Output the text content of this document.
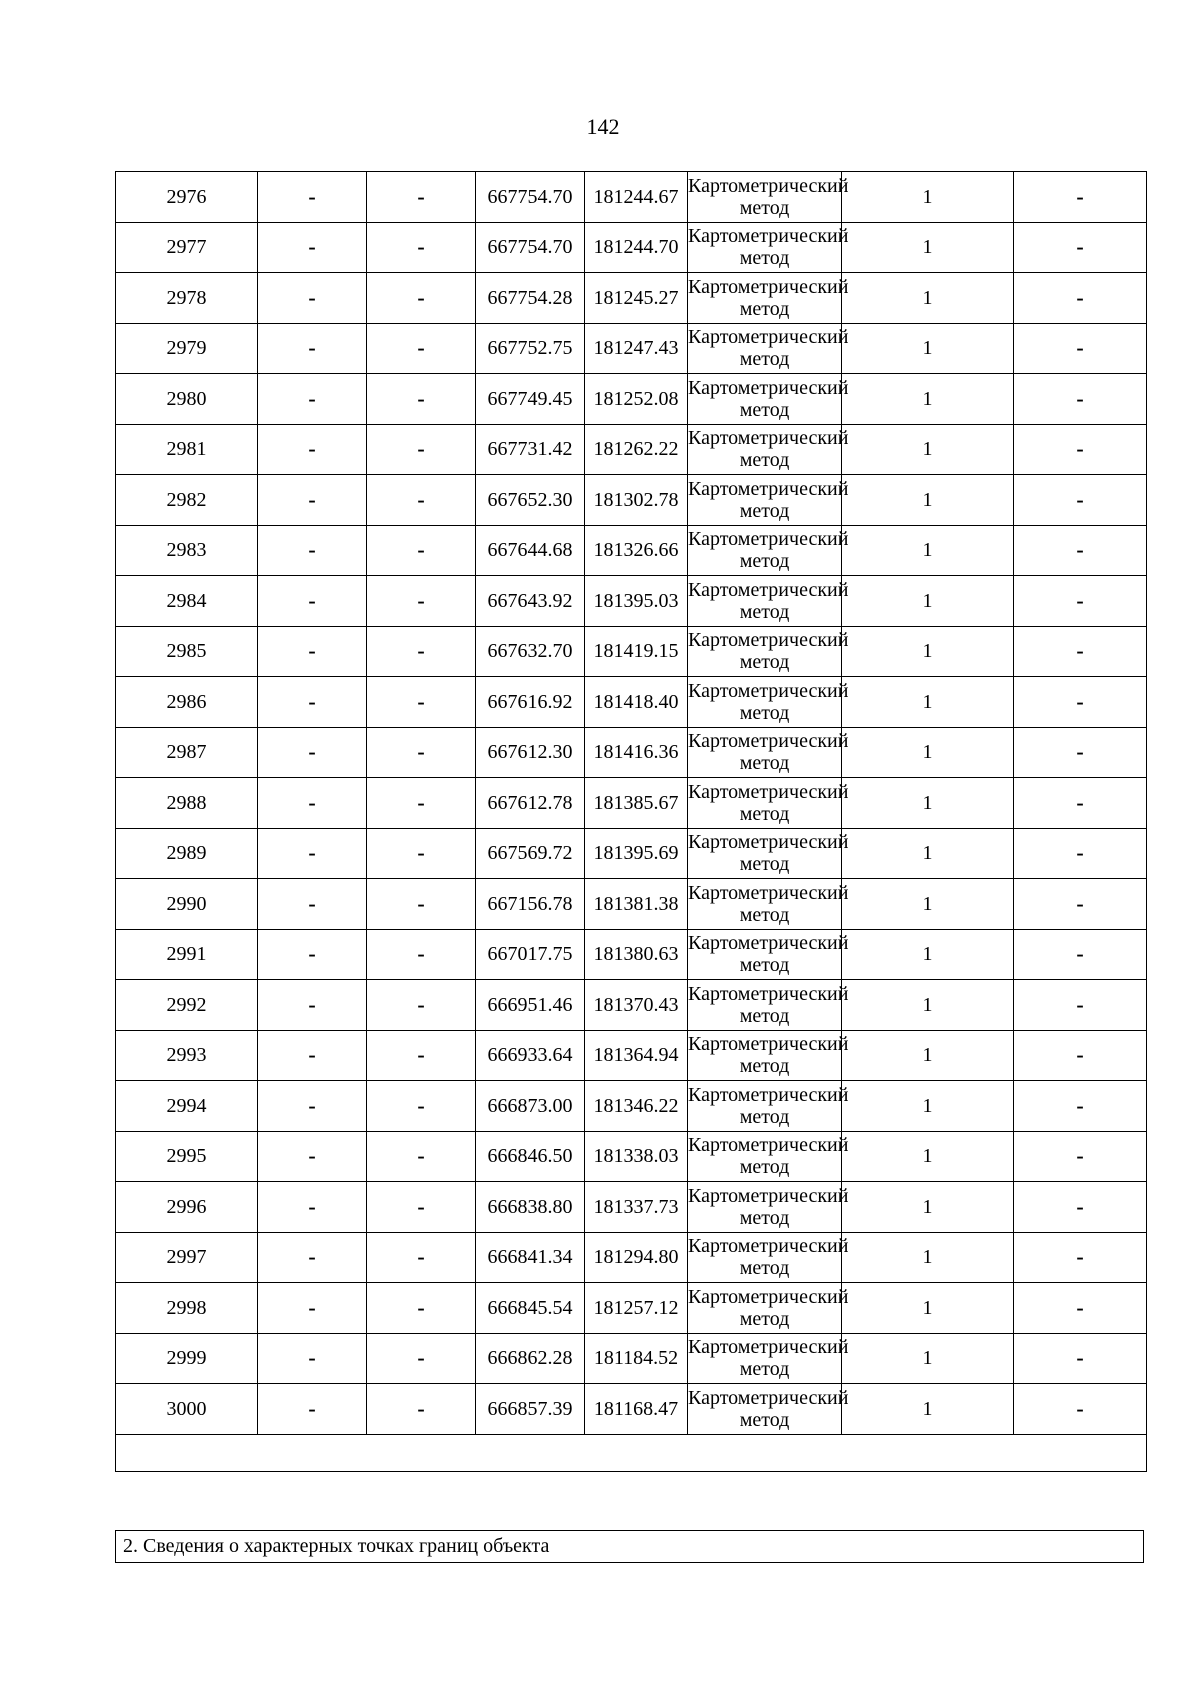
142
2976	-	-	667754.70	181244.67	Картометрический метод	1	-
2977	-	-	667754.70	181244.70	Картометрический метод	1	-
2978	-	-	667754.28	181245.27	Картометрический метод	1	-
2979	-	-	667752.75	181247.43	Картометрический метод	1	-
2980	-	-	667749.45	181252.08	Картометрический метод	1	-
2981	-	-	667731.42	181262.22	Картометрический метод	1	-
2982	-	-	667652.30	181302.78	Картометрический метод	1	-
2983	-	-	667644.68	181326.66	Картометрический метод	1	-
2984	-	-	667643.92	181395.03	Картометрический метод	1	-
2985	-	-	667632.70	181419.15	Картометрический метод	1	-
2986	-	-	667616.92	181418.40	Картометрический метод	1	-
2987	-	-	667612.30	181416.36	Картометрический метод	1	-
2988	-	-	667612.78	181385.67	Картометрический метод	1	-
2989	-	-	667569.72	181395.69	Картометрический метод	1	-
2990	-	-	667156.78	181381.38	Картометрический метод	1	-
2991	-	-	667017.75	181380.63	Картометрический метод	1	-
2992	-	-	666951.46	181370.43	Картометрический метод	1	-
2993	-	-	666933.64	181364.94	Картометрический метод	1	-
2994	-	-	666873.00	181346.22	Картометрический метод	1	-
2995	-	-	666846.50	181338.03	Картометрический метод	1	-
2996	-	-	666838.80	181337.73	Картометрический метод	1	-
2997	-	-	666841.34	181294.80	Картометрический метод	1	-
2998	-	-	666845.54	181257.12	Картометрический метод	1	-
2999	-	-	666862.28	181184.52	Картометрический метод	1	-
3000	-	-	666857.39	181168.47	Картометрический метод	1	-

2. Сведения о характерных точках границ объекта
